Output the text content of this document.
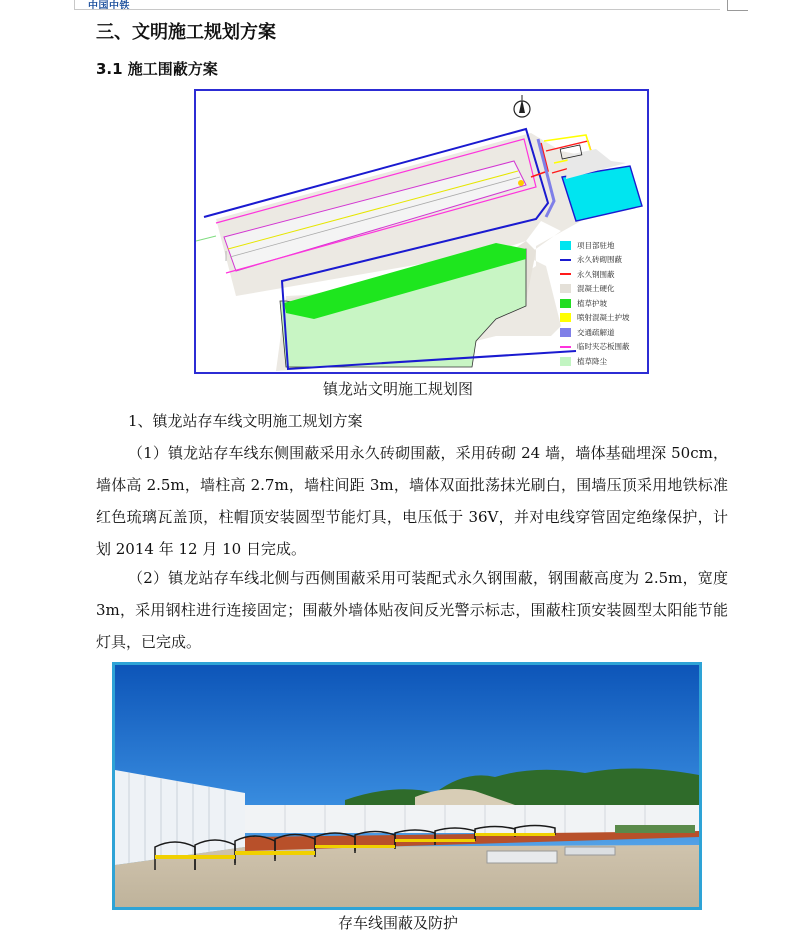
中国中铁
三、文明施工规划方案
3.1 施工围蔽方案
项目部驻地
永久砖砌围蔽
永久钢围蔽
混凝土硬化
植草护坡
喷射混凝土护坡
交通疏解道
临时夹芯板围蔽
植草降尘
镇龙站文明施工规划图
1、镇龙站存车线文明施工规划方案
（1）镇龙站存车线东侧围蔽采用永久砖砌围蔽，采用砖砌 24 墙，墙体基础埋深 50cm，墙体高 2.5m，墙柱高 2.7m，墙柱间距 3m，墙体双面批荡抹光刷白，围墙压顶采用地铁标准红色琉璃瓦盖顶，柱帽顶安装圆型节能灯具，电压低于 36V，并对电线穿管固定绝缘保护，计划 2014 年 12 月 10 日完成。
（2）镇龙站存车线北侧与西侧围蔽采用可装配式永久钢围蔽，钢围蔽高度为 2.5m，宽度 3m，采用钢柱进行连接固定；围蔽外墙体贴夜间反光警示标志，围蔽柱顶安装圆型太阳能节能灯具，已完成。
存车线围蔽及防护
